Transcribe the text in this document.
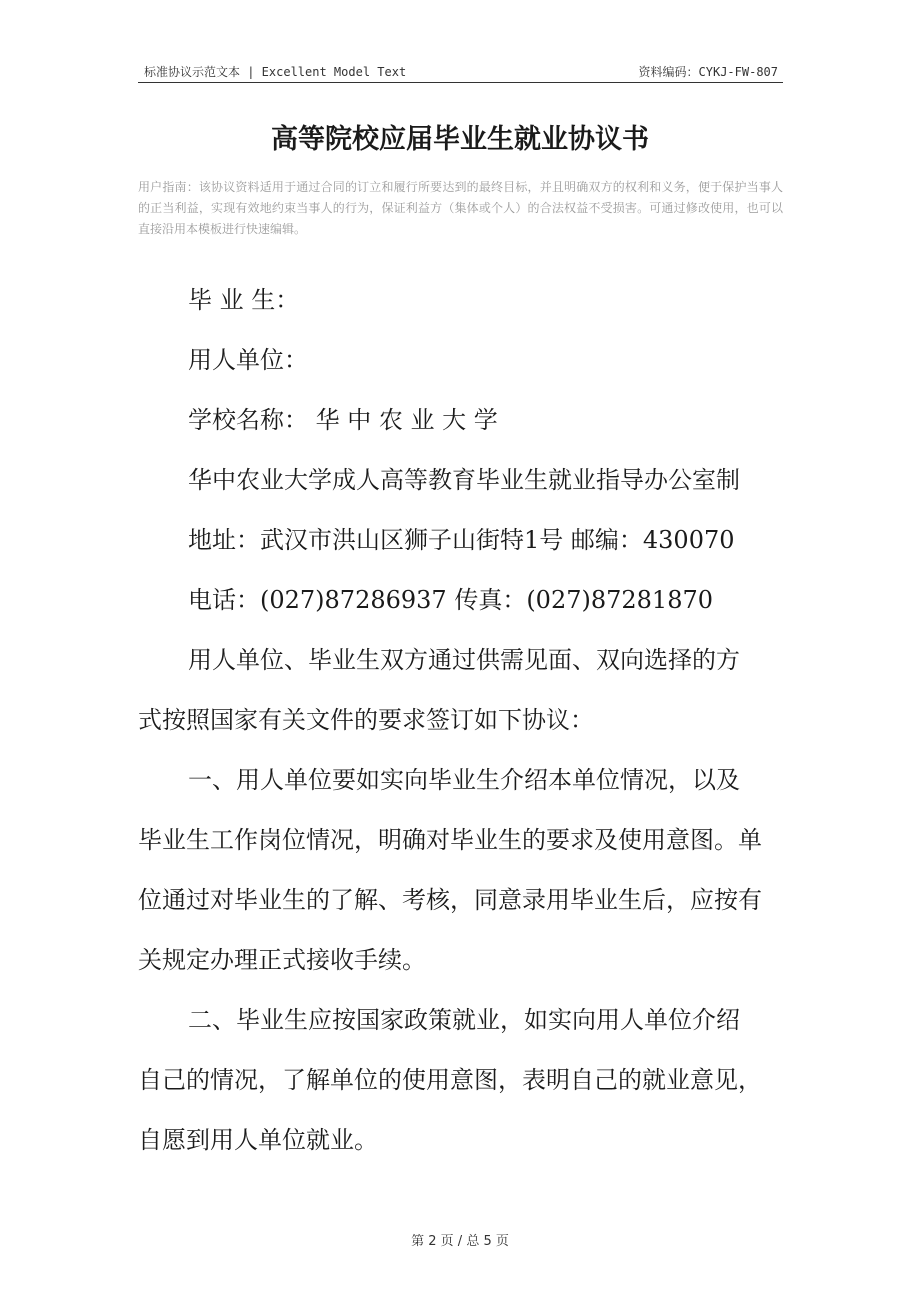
标准协议示范文本 | Excellent Model Text	资料编码：CYKJ-FW-807
高等院校应届毕业生就业协议书
用户指南：该协议资料适用于通过合同的订立和履行所要达到的最终目标，并且明确双方的权利和义务，便于保护当事人的正当利益，实现有效地约束当事人的行为，保证利益方（集体或个人）的合法权益不受损害。可通过修改使用，也可以直接沿用本模板进行快速编辑。

毕 业 生：

用人单位：

学校名称： 华 中 农 业 大 学

华中农业大学成人高等教育毕业生就业指导办公室制

地址：武汉市洪山区狮子山街特1号 邮编：430070

电话：(027)87286937 传真：(027)87281870

用人单位、毕业生双方通过供需见面、双向选择的方式按照国家有关文件的要求签订如下协议：

一、用人单位要如实向毕业生介绍本单位情况，以及毕业生工作岗位情况，明确对毕业生的要求及使用意图。单位通过对毕业生的了解、考核，同意录用毕业生后，应按有关规定办理正式接收手续。

二、毕业生应按国家政策就业，如实向用人单位介绍自己的情况，了解单位的使用意图，表明自己的就业意见，自愿到用人单位就业。

第 2 页 / 总 5 页
